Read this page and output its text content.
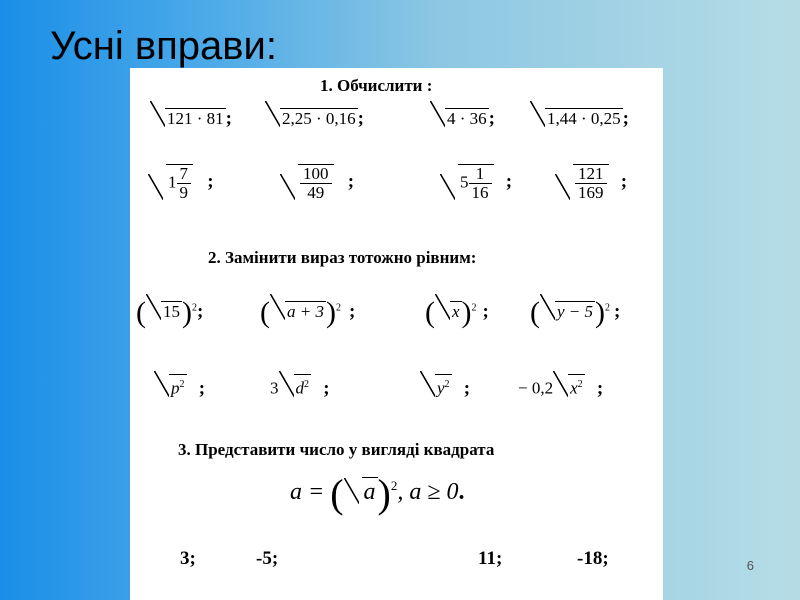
Усні вправи:
1. Обчислити :
121 · 81 ;	2,25 · 0,16 ;	4 · 36 ;	1,44 · 0,25 ;
$1 \frac{7}{9}$ ;	$\frac{100}{49}$ ;	$5 \frac{1}{16}$ ;	$\frac{121}{169}$ ;
2. Замінити вираз тотожно рівним:
( 15)$^2$; ( a + 3)$^2$ ; ( x)$^2$ ; ( y − 5)$^2$ ;
$p^2$ ;	3 $d^2$ ;	$y^2$ ;	− 0,2 $x^2$ ;
3. Представити число у вигляді квадрата
a = ( a)$^2$, a ≥ 0.
3;	-5;	11;	-18;	6
